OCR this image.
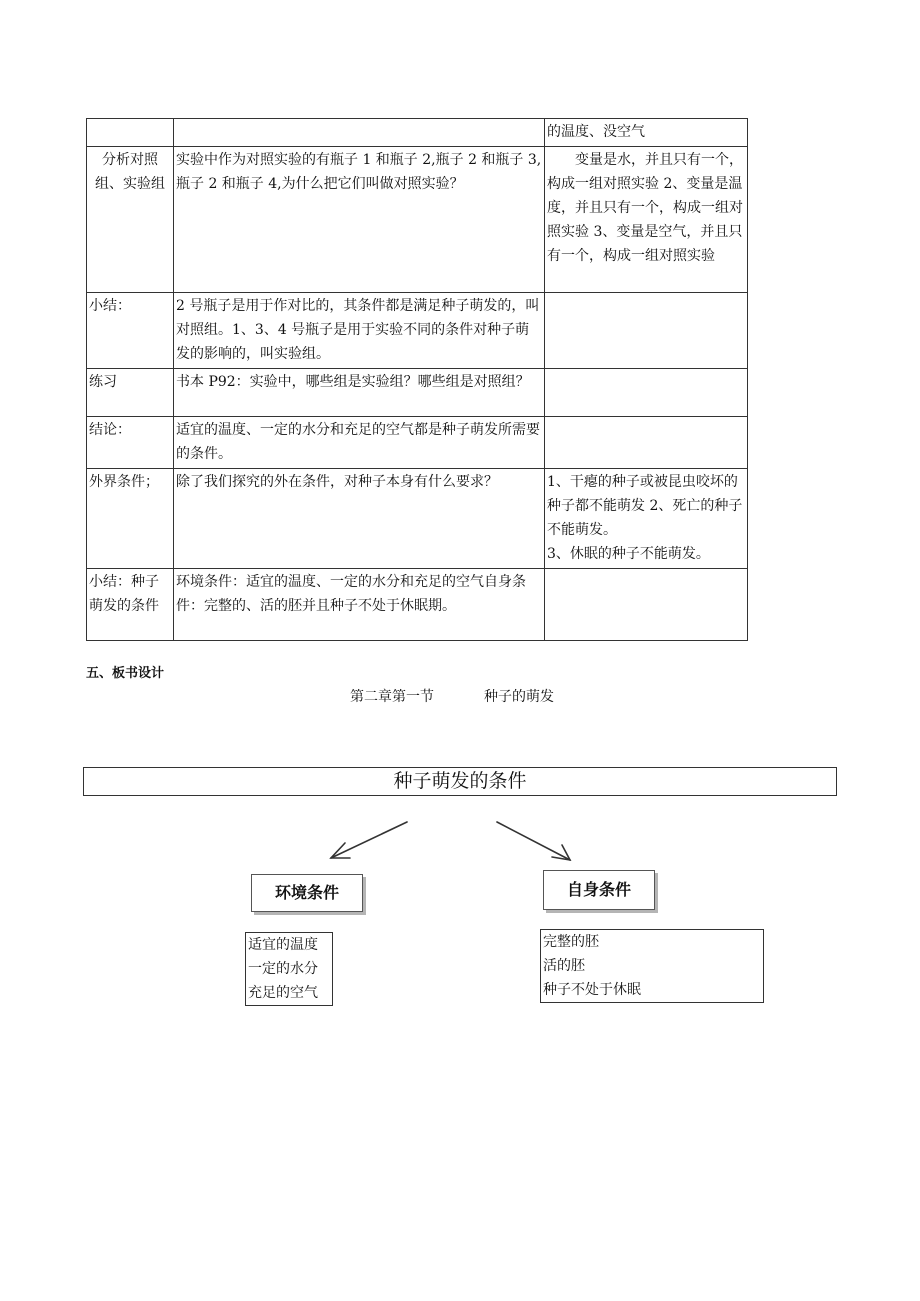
		的温度、没空气
分析对照组、实验组	实验中作为对照实验的有瓶子 1 和瓶子 2,瓶子 2 和瓶子 3,瓶子 2 和瓶子 4,为什么把它们叫做对照实验？	变量是水，并且只有一个，构成一组对照实验 2、变量是温度，并且只有一个，构成一组对照实验 3、变量是空气，并且只有一个，构成一组对照实验
小结：	2 号瓶子是用于作对比的，其条件都是满足种子萌发的，叫对照组。1、3、4 号瓶子是用于实验不同的条件对种子萌发的影响的，叫实验组。	
练习	书本 P92：实验中，哪些组是实验组？哪些组是对照组？	
结论：	适宜的温度、一定的水分和充足的空气都是种子萌发所需要的条件。	
外界条件；	除了我们探究的外在条件，对种子本身有什么要求？	1、干瘪的种子或被昆虫咬坏的种子都不能萌发 2、死亡的种子不能萌发。
3、休眠的种子不能萌发。

小结：种子萌发的条件	环境条件：适宜的温度、一定的水分和充足的空气自身条件：完整的、活的胚并且种子不处于休眠期。	
五、板书设计
第二章第一节	种子的萌发
种子萌发的条件
环境条件	自身条件
适宜的温度
一定的水分
充足的空气
完整的胚
活的胚
种子不处于休眠
